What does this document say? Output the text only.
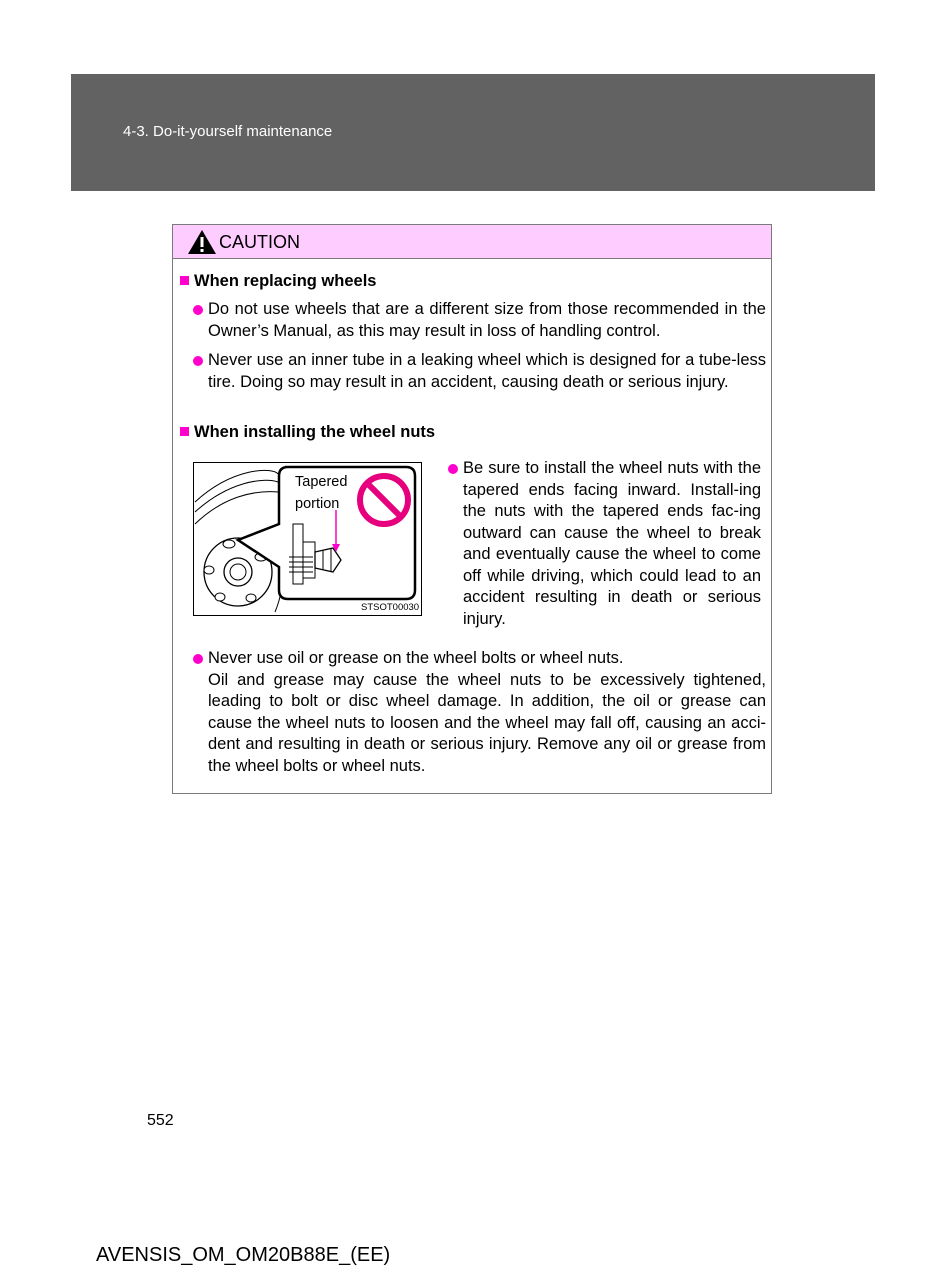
4-3. Do-it-yourself maintenance
CAUTION
When replacing wheels

Do not use wheels that are a different size from those recommended in the Owner’s Manual, as this may result in loss of handling control.

Never use an inner tube in a leaking wheel which is designed for a tube-less tire. Doing so may result in an accident, causing death or serious injury.

When installing the wheel nuts
Tapered
portion
STSOT00030

Be sure to install the wheel nuts with the tapered ends facing inward. Install-ing the nuts with the tapered ends fac-ing outward can cause the wheel to break and eventually cause the wheel to come off while driving, which could lead to an accident resulting in death or serious injury.

Never use oil or grease on the wheel bolts or wheel nuts.

Oil and grease may cause the wheel nuts to be excessively tightened, leading to bolt or disc wheel damage. In addition, the oil or grease can cause the wheel nuts to loosen and the wheel may fall off, causing an acci-dent and resulting in death or serious injury. Remove any oil or grease from the wheel bolts or wheel nuts.

552
AVENSIS_OM_OM20B88E_(EE)
